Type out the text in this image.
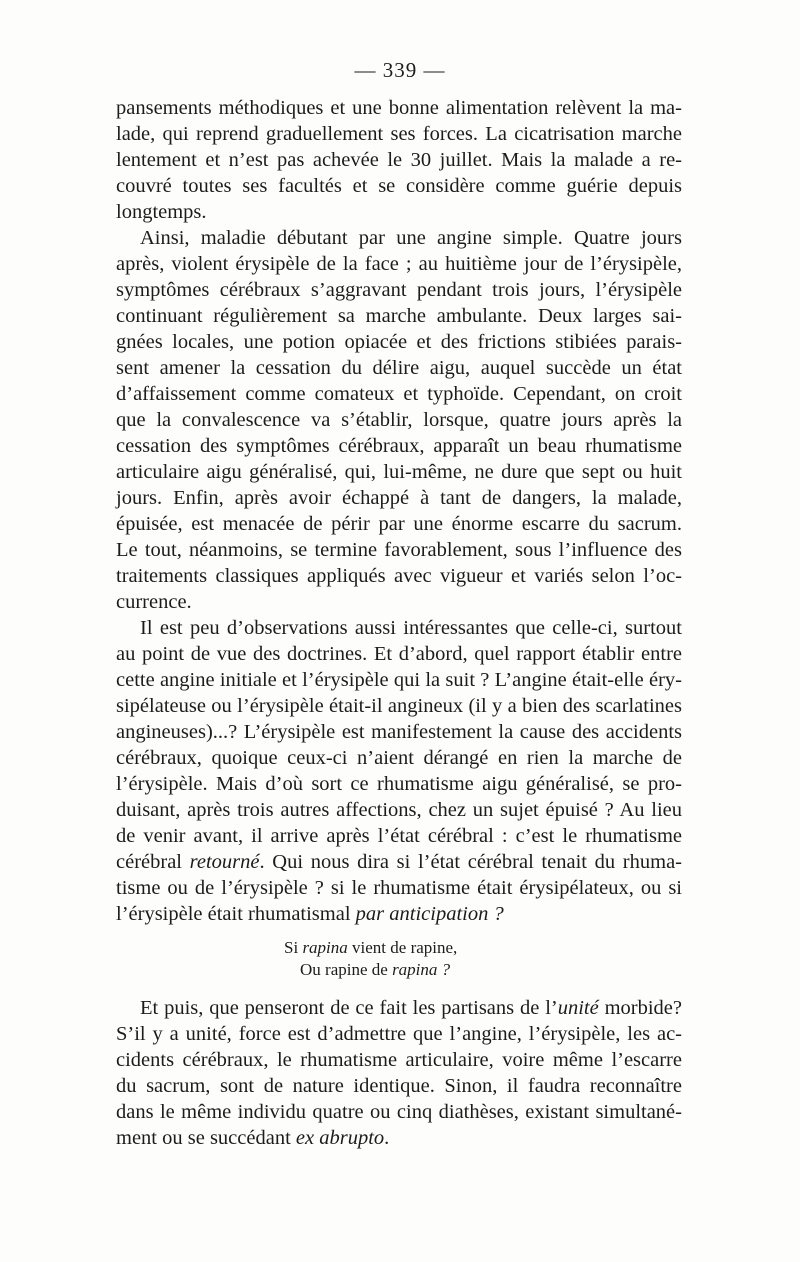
— 339 —
pansements méthodiques et une bonne alimentation relèvent la ma-
lade, qui reprend graduellement ses forces. La cicatrisation marche
lentement et n’est pas achevée le 30 juillet. Mais la malade a re-
couvré toutes ses facultés et se considère comme guérie depuis
longtemps.
Ainsi, maladie débutant par une angine simple. Quatre jours
après, violent érysipèle de la face ; au huitième jour de l’érysipèle,
symptômes cérébraux s’aggravant pendant trois jours, l’érysipèle
continuant régulièrement sa marche ambulante. Deux larges sai-
gnées locales, une potion opiacée et des frictions stibiées parais-
sent amener la cessation du délire aigu, auquel succède un état
d’affaissement comme comateux et typhoïde. Cependant, on croit
que la convalescence va s’établir, lorsque, quatre jours après la
cessation des symptômes cérébraux, apparaît un beau rhumatisme
articulaire aigu généralisé, qui, lui-même, ne dure que sept ou huit
jours. Enfin, après avoir échappé à tant de dangers, la malade,
épuisée, est menacée de périr par une énorme escarre du sacrum.
Le tout, néanmoins, se termine favorablement, sous l’influence des
traitements classiques appliqués avec vigueur et variés selon l’oc-
currence.
Il est peu d’observations aussi intéressantes que celle-ci, surtout
au point de vue des doctrines. Et d’abord, quel rapport établir entre
cette angine initiale et l’érysipèle qui la suit ? L’angine était-elle éry-
sipélateuse ou l’érysipèle était-il angineux (il y a bien des scarlatines
angineuses)...? L’érysipèle est manifestement la cause des accidents
cérébraux, quoique ceux-ci n’aient dérangé en rien la marche de
l’érysipèle. Mais d’où sort ce rhumatisme aigu généralisé, se pro-
duisant, après trois autres affections, chez un sujet épuisé ? Au lieu
de venir avant, il arrive après l’état cérébral : c’est le rhumatisme
cérébral retourné. Qui nous dira si l’état cérébral tenait du rhuma-
tisme ou de l’érysipèle ? si le rhumatisme était érysipélateux, ou si
l’érysipèle était rhumatismal par anticipation ?
Si rapina vient de rapine,
Ou rapine de rapina ?
Et puis, que penseront de ce fait les partisans de l’unité morbide?
S’il y a unité, force est d’admettre que l’angine, l’érysipèle, les ac-
cidents cérébraux, le rhumatisme articulaire, voire même l’escarre
du sacrum, sont de nature identique. Sinon, il faudra reconnaître
dans le même individu quatre ou cinq diathèses, existant simultané-
ment ou se succédant ex abrupto.
